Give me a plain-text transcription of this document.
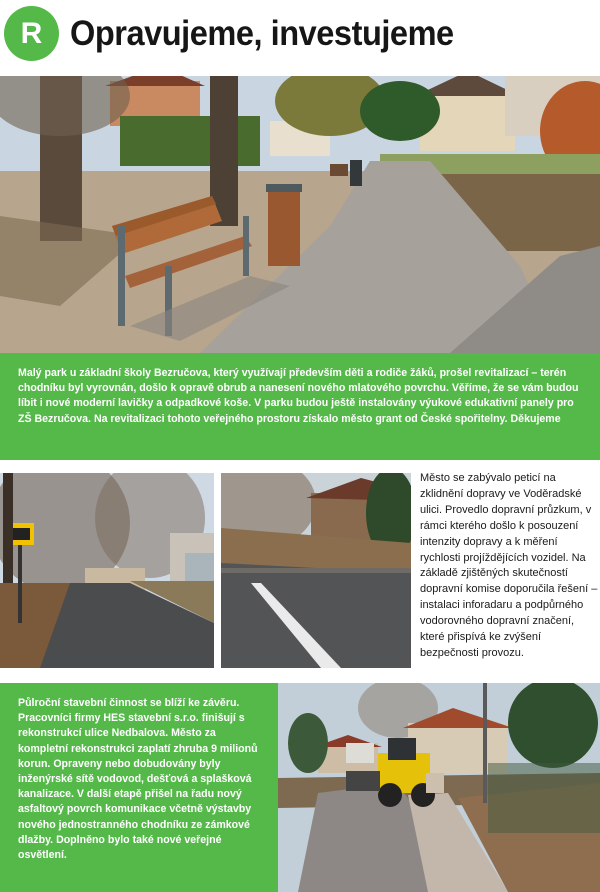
R Opravujeme, investujeme

Malý park u základní školy Bezručova, který využívají především děti a rodiče žáků, prošel revitalizací – terén chodníku byl vyrovnán, došlo k opravě obrub a nanesení nového mlatového povrchu. Věříme, že se vám budou líbit i nové moderní lavičky a odpadkové koše. V parku budou ještě instalovány výukové edukativní panely pro ZŠ Bezručova. Na revitalizaci tohoto veřejného prostoru získalo město grant od České spořitelny. Děkujeme

Město se zabývalo peticí na zklidnění dopravy ve Voděradské ulici. Provedlo dopravní průzkum, v rámci kterého došlo k posouzení intenzity dopravy a k měření rychlosti projíždějících vozidel. Na základě zjištěných skutečností dopravní komise doporučila řešení – instalaci inforadaru a podpůrného vodorovného dopravní značení, které přispívá ke zvýšení bezpečnosti provozu.

Půlroční stavební činnost se blíží ke závěru. Pracovníci firmy HES stavební s.r.o. finišují s rekonstrukcí ulice Nedbalova. Město za kompletní rekonstrukci zaplatí zhruba 9 milionů korun. Opraveny nebo dobudovány byly inženýrské sítě vodovod, dešťová a splašková kanalizace. V další etapě přišel na řadu nový asfaltový povrch komunikace včetně výstavby nového jednostranného chodníku ze zámkové dlažby. Doplněno bylo také nové veřejné osvětlení.
